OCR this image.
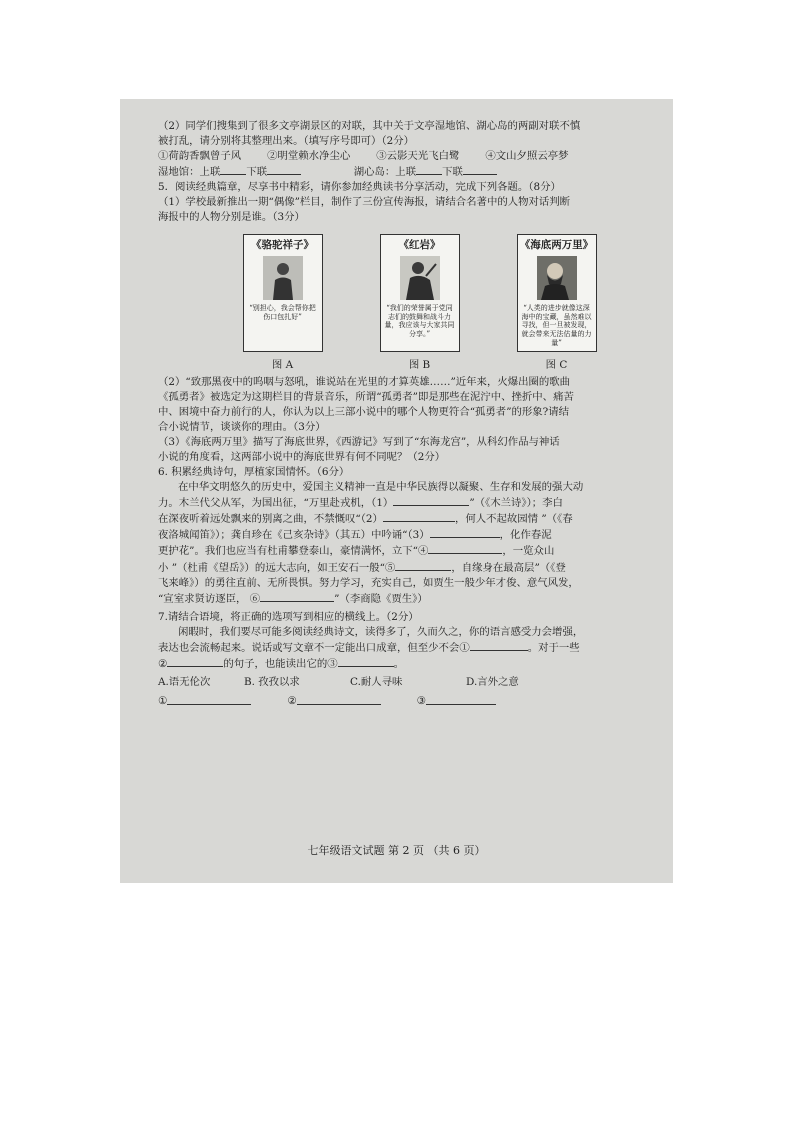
（2）同学们搜集到了很多文亭湖景区的对联，其中关于文亭湿地馆、湖心岛的两副对联不慎

被打乱，请分别将其整理出来。（填写序号即可）（2分）

①荷韵香飘曾子风	②明堂赖水净尘心	③云影天光飞白鹭	④文山夕照云亭梦

湿地馆：上联	下联	湖心岛：上联	下联

5．阅读经典篇章，尽享书中精彩，请你参加经典读书分享活动，完成下列各题。（8分）

（1）学校最新推出一期“偶像”栏目，制作了三份宣传海报，请结合名著中的人物对话判断

海报中的人物分别是谁。（3分）

《骆驼祥子》
“别担心，我会帮你把伤口包扎好”
图 A
《红岩》
“我们的荣誉属于党同志们的鼓舞和战斗力量，我应该与大家共同分享。”
图 B
《海底两万里》
“人类的进步就像这深海中的宝藏，虽然难以寻找，但一旦被发现，就会带来无法估量的力量”
图 C

（2）“致那黑夜中的呜咽与怒吼，谁说站在光里的才算英雄……”近年来，火爆出圈的歌曲

《孤勇者》被选定为这期栏目的背景音乐，所谓“孤勇者”即是那些在泥泞中、挫折中、痛苦

中、困境中奋力前行的人，你认为以上三部小说中的哪个人物更符合“孤勇者”的形象?请结

合小说情节，谈谈你的理由。（3分）

（3）《海底两万里》描写了海底世界，《西游记》写到了“东海龙宫”，从科幻作品与神话

小说的角度看，这两部小说中的海底世界有何不同呢？（2分）

6. 积累经典诗句，厚植家国情怀。（6分）

在中华文明悠久的历史中，爱国主义精神一直是中华民族得以凝聚、生存和发展的强大动

力。木兰代父从军，为国出征，“万里赴戎机，（1）	”（《木兰诗》）；李白

在深夜听着远处飘来的别离之曲，不禁慨叹“（2）	，何人不起故园情 ”（《春

夜洛城闻笛》）；龚自珍在《己亥杂诗》（其五）中吟诵“（3）	，化作春泥

更护花”。我们也应当有杜甫攀登泰山，豪情满怀，立下“④	，一览众山

小 ”（杜甫《望岳》）的远大志向，如王安石一般“⑤	，自缘身在最高层”（《登

飞来峰》）的勇往直前、无所畏惧。努力学习，充实自己，如贾生一般少年才俊、意气风发，

“宣室求贤访逐臣， ⑥	”（李商隐《贾生》）

7.请结合语境，将正确的选项写到相应的横线上。（2分）

闲暇时，我们要尽可能多阅读经典诗文，读得多了，久而久之，你的语言感受力会增强，

表达也会流畅起来。说话或写文章不一定能出口成章，但至少不会①	。对于一些

②	的句子，也能读出它的③	。

A.语无伦次	B. 孜孜以求	C.耐人寻味	D.言外之意
①	②	③
七年级语文试题 第 2 页 （共 6 页）
